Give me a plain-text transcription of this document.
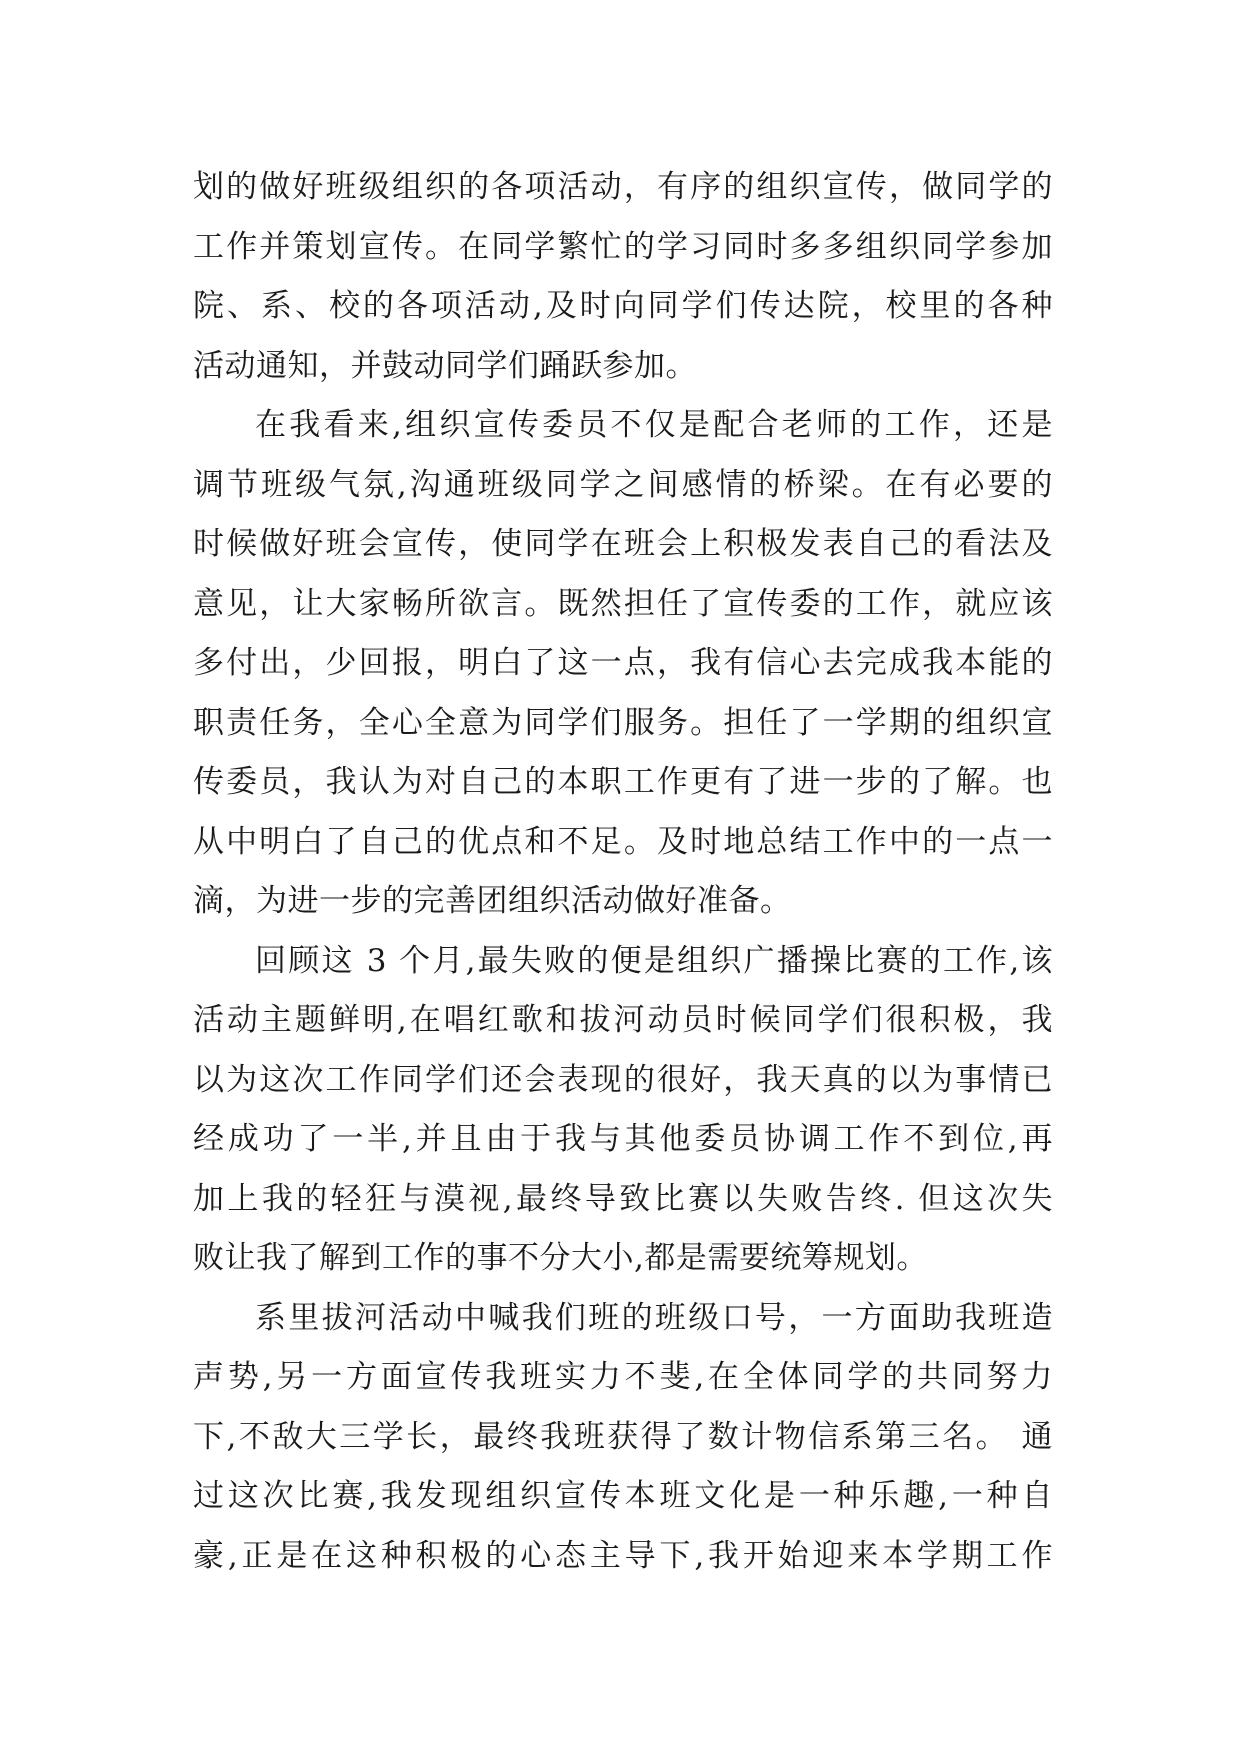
划的做好班级组织的各项活动，有序的组织宣传，做同学的
工作并策划宣传。在同学繁忙的学习同时多多组织同学参加
院、系、校的各项活动,及时向同学们传达院，校里的各种
活动通知，并鼓动同学们踊跃参加。
在我看来,组织宣传委员不仅是配合老师的工作，还是
调节班级气氛,沟通班级同学之间感情的桥梁。在有必要的
时候做好班会宣传，使同学在班会上积极发表自己的看法及
意见，让大家畅所欲言。既然担任了宣传委的工作，就应该
多付出，少回报，明白了这一点，我有信心去完成我本能的
职责任务，全心全意为同学们服务。担任了一学期的组织宣
传委员，我认为对自己的本职工作更有了进一步的了解。也
从中明白了自己的优点和不足。及时地总结工作中的一点一
滴，为进一步的完善团组织活动做好准备。
回顾这 3 个月,最失败的便是组织广播操比赛的工作,该
活动主题鲜明,在唱红歌和拔河动员时候同学们很积极，我
以为这次工作同学们还会表现的很好，我天真的以为事情已
经成功了一半,并且由于我与其他委员协调工作不到位,再
加上我的轻狂与漠视,最终导致比赛以失败告终. 但这次失
败让我了解到工作的事不分大小,都是需要统筹规划。
系里拔河活动中喊我们班的班级口号，一方面助我班造
声势,另一方面宣传我班实力不斐,在全体同学的共同努力
下,不敌大三学长，最终我班获得了数计物信系第三名。 通
过这次比赛,我发现组织宣传本班文化是一种乐趣,一种自
豪,正是在这种积极的心态主导下,我开始迎来本学期工作
